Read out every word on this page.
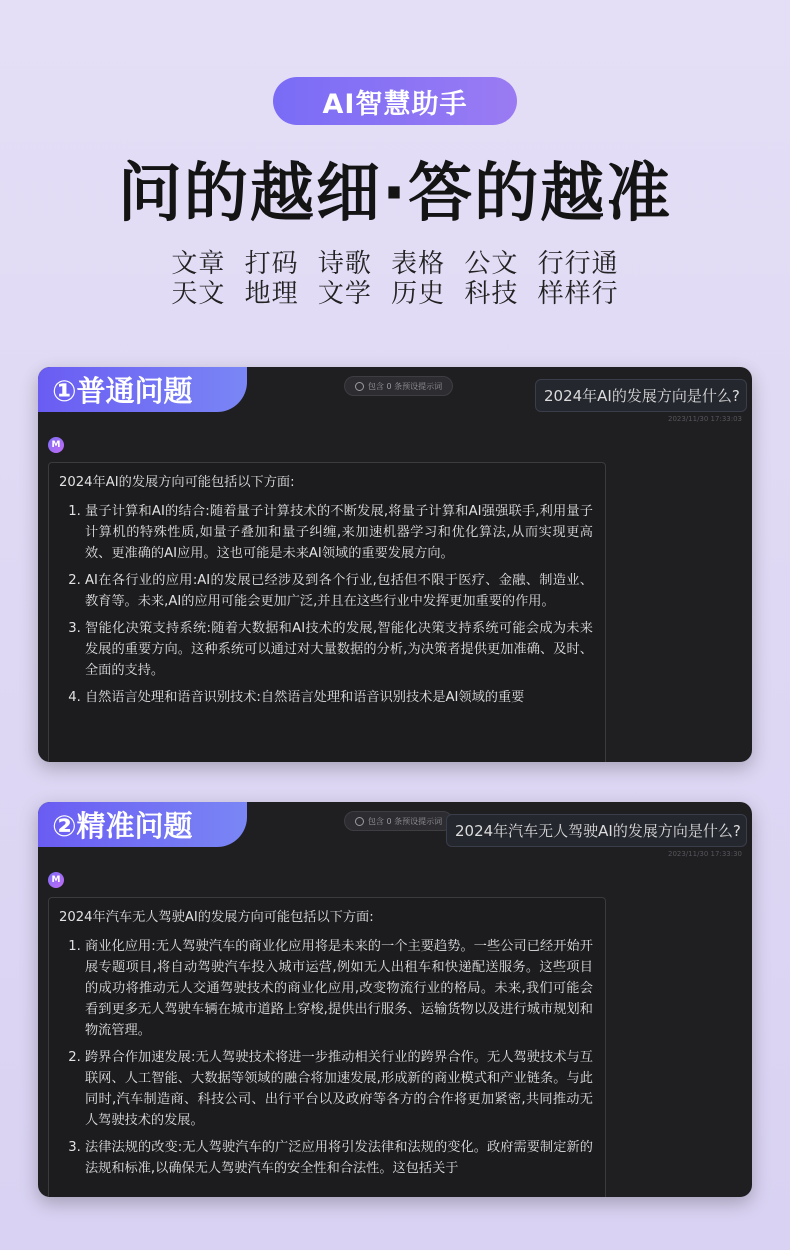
AI智慧助手
问的越细·答的越准
文章 打码 诗歌 表格 公文 行行通
天文 地理 文学 历史 科技 样样行
①普通问题	包含 0 条预设提示词
2024年AI的发展方向是什么?
2023/11/30 17:33:03
M
2024年AI的发展方向可能包括以下方面:
1. 量子计算和AI的结合:随着量子计算技术的不断发展,将量子计算和AI强强联手,利用量子计算机的特殊性质,如量子叠加和量子纠缠,来加速机器学习和优化算法,从而实现更高效、更准确的AI应用。这也可能是未来AI领域的重要发展方向。
2. AI在各行业的应用:AI的发展已经涉及到各个行业,包括但不限于医疗、金融、制造业、教育等。未来,AI的应用可能会更加广泛,并且在这些行业中发挥更加重要的作用。
3. 智能化决策支持系统:随着大数据和AI技术的发展,智能化决策支持系统可能会成为未来发展的重要方向。这种系统可以通过对大量数据的分析,为决策者提供更加准确、及时、全面的支持。
4. 自然语言处理和语音识别技术:自然语言处理和语音识别技术是AI领域的重要
②精准问题	包含 0 条预设提示词
2024年汽车无人驾驶AI的发展方向是什么?
2023/11/30 17:33:30
M
2024年汽车无人驾驶AI的发展方向可能包括以下方面:
1. 商业化应用:无人驾驶汽车的商业化应用将是未来的一个主要趋势。一些公司已经开始开展专题项目,将自动驾驶汽车投入城市运营,例如无人出租车和快递配送服务。这些项目的成功将推动无人交通驾驶技术的商业化应用,改变物流行业的格局。未来,我们可能会看到更多无人驾驶车辆在城市道路上穿梭,提供出行服务、运输货物以及进行城市规划和物流管理。
2. 跨界合作加速发展:无人驾驶技术将进一步推动相关行业的跨界合作。无人驾驶技术与互联网、人工智能、大数据等领域的融合将加速发展,形成新的商业模式和产业链条。与此同时,汽车制造商、科技公司、出行平台以及政府等各方的合作将更加紧密,共同推动无人驾驶技术的发展。
3. 法律法规的改变:无人驾驶汽车的广泛应用将引发法律和法规的变化。政府需要制定新的法规和标准,以确保无人驾驶汽车的安全性和合法性。这包括关于
